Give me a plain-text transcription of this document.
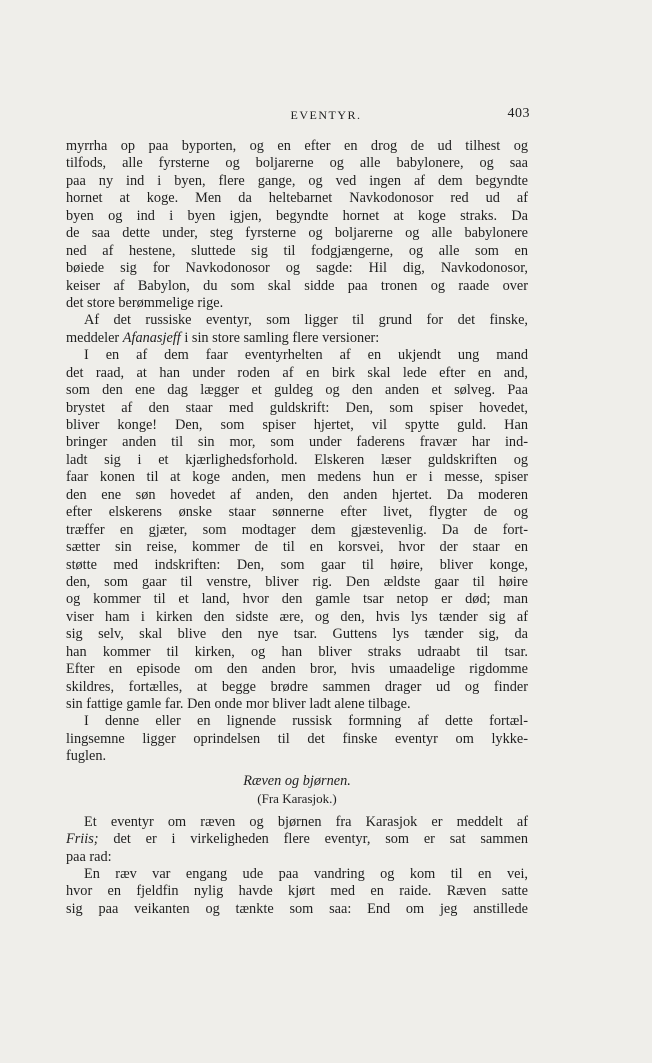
EVENTYR.	403
myrrha op paa byporten, og en efter en drog de ud tilhest og
tilfods, alle fyrsterne og boljarerne og alle babylonere, og saa
paa ny ind i byen, flere gange, og ved ingen af dem begyndte
hornet at koge. Men da heltebarnet Navkodonosor red ud af
byen og ind i byen igjen, begyndte hornet at koge straks. Da
de saa dette under, steg fyrsterne og boljarerne og alle babylonere
ned af hestene, sluttede sig til fodgjængerne, og alle som en
bøiede sig for Navkodonosor og sagde: Hil dig, Navkodonosor,
keiser af Babylon, du som skal sidde paa tronen og raade over
det store berømmelige rige.
Af det russiske eventyr, som ligger til grund for det finske,
meddeler Afanasjeff i sin store samling flere versioner:
I en af dem faar eventyrhelten af en ukjendt ung mand
det raad, at han under roden af en birk skal lede efter en and,
som den ene dag lægger et guldeg og den anden et sølveg. Paa
brystet af den staar med guldskrift: Den, som spiser hovedet,
bliver konge! Den, som spiser hjertet, vil spytte guld. Han
bringer anden til sin mor, som under faderens fravær har ind-
ladt sig i et kjærlighedsforhold. Elskeren læser guldskriften og
faar konen til at koge anden, men medens hun er i messe, spiser
den ene søn hovedet af anden, den anden hjertet. Da moderen
efter elskerens ønske staar sønnerne efter livet, flygter de og
træffer en gjæter, som modtager dem gjæstevenlig. Da de fort-
sætter sin reise, kommer de til en korsvei, hvor der staar en
støtte med indskriften: Den, som gaar til høire, bliver konge,
den, som gaar til venstre, bliver rig. Den ældste gaar til høire
og kommer til et land, hvor den gamle tsar netop er død; man
viser ham i kirken den sidste ære, og den, hvis lys tænder sig af
sig selv, skal blive den nye tsar. Guttens lys tænder sig, da
han kommer til kirken, og han bliver straks udraabt til tsar.
Efter en episode om den anden bror, hvis umaadelige rigdomme
skildres, fortælles, at begge brødre sammen drager ud og finder
sin fattige gamle far. Den onde mor bliver ladt alene tilbage.
I denne eller en lignende russisk formning af dette fortæl-
lingsemne ligger oprindelsen til det finske eventyr om lykke-
fuglen.
Ræven og bjørnen.
(Fra Karasjok.)
Et eventyr om ræven og bjørnen fra Karasjok er meddelt af
Friis; det er i virkeligheden flere eventyr, som er sat sammen
paa rad:
En ræv var engang ude paa vandring og kom til en vei,
hvor en fjeldfin nylig havde kjørt med en raide. Ræven satte
sig paa veikanten og tænkte som saa: End om jeg anstillede
